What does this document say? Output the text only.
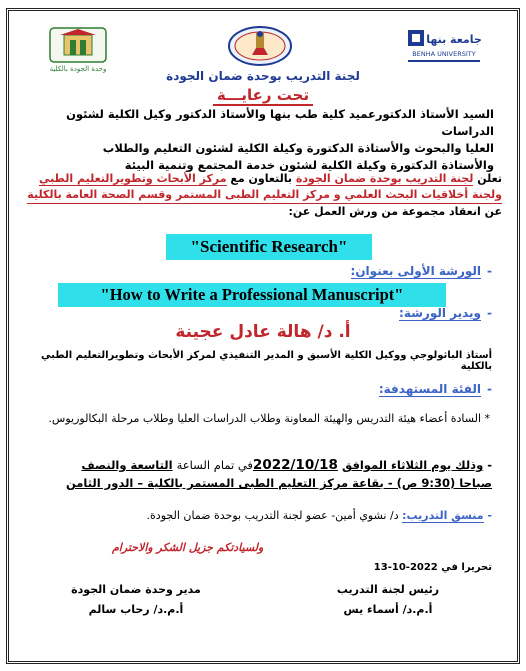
وحدة الجودة بالكلية
جامعة بنها
BENHA UNIVERSITY
لجنة التدريب بوحدة ضمان الجودة
تحت رعايـــة
السيد الأستاذ الدكتورعميد كلية طب بنها والأستاذ الدكتور وكيل الكلية لشئون الدراسات
العليا والبحوث والأستاذة الدكتورة وكيلة الكلية لشئون التعليم والطلاب
والأستاذة الدكتورة وكيلة الكلية لشئون خدمة المجتمع وتنمية البيئة
تعلن لجنة التدريب بوحدة ضمان الجودة بالتعاون مع مركز الأبحاث وتطويرالتعليم الطبي
ولجنة أخلاقيات البحث العلمي و مركز التعليم الطبى المستمر وقسم الصحة العامة بالكلية
عن انعقاد مجموعة من ورش العمل عن:
"Scientific Research"
-الورشة الأولى بعنوان:
"How to Write a Professional Manuscript"
-ويدير الورشة:
أ. د/ هالة عادل عجينة
أستاذ الباثولوجي ووكيل الكلية الأسبق و المدير التنفيذي لمركز الأبحاث وتطويرالتعليم الطبي بالكلية
-الفئة المستهدفة:
* السادة أعضاء هيئة التدريس والهيئة المعاونة وطلاب الدراسات العليا وطلاب مرحلة البكالوريوس.
- وذلك يوم الثلاثاء الموافق 2022/10/18في تمام الساعة التاسعة والنصف
صباحا (9:30 ص) - بقاعة مركز التعليم الطبى المستمر بالكلية – الدور الثامن
- منسق التدريب: د/ نشوي أمين- عضو لجنة التدريب بوحدة ضمان الجودة.
ولسيادتكم جزيل الشكر والاحترام
تحريرا في 2022-10-13
رئيس لجنة التدريب
أ.م.د/ أسماء يس
مدير وحدة ضمان الجودة
أ.م.د/ رحاب سالم
